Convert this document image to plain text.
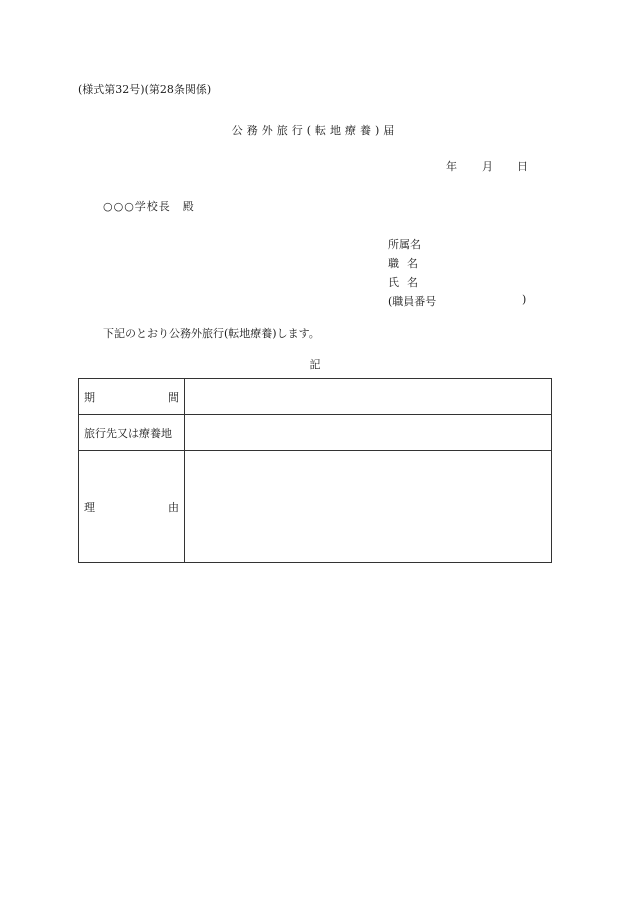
(様式第32号)(第28条関係)
公務外旅行(転地療養)届
年 月 日
○○○学校長　殿
所属名
職名
氏名
(職員番号	)
下記のとおり公務外旅行(転地療養)します。
記
期 間	

旅行先又は療養地	

理 由	
